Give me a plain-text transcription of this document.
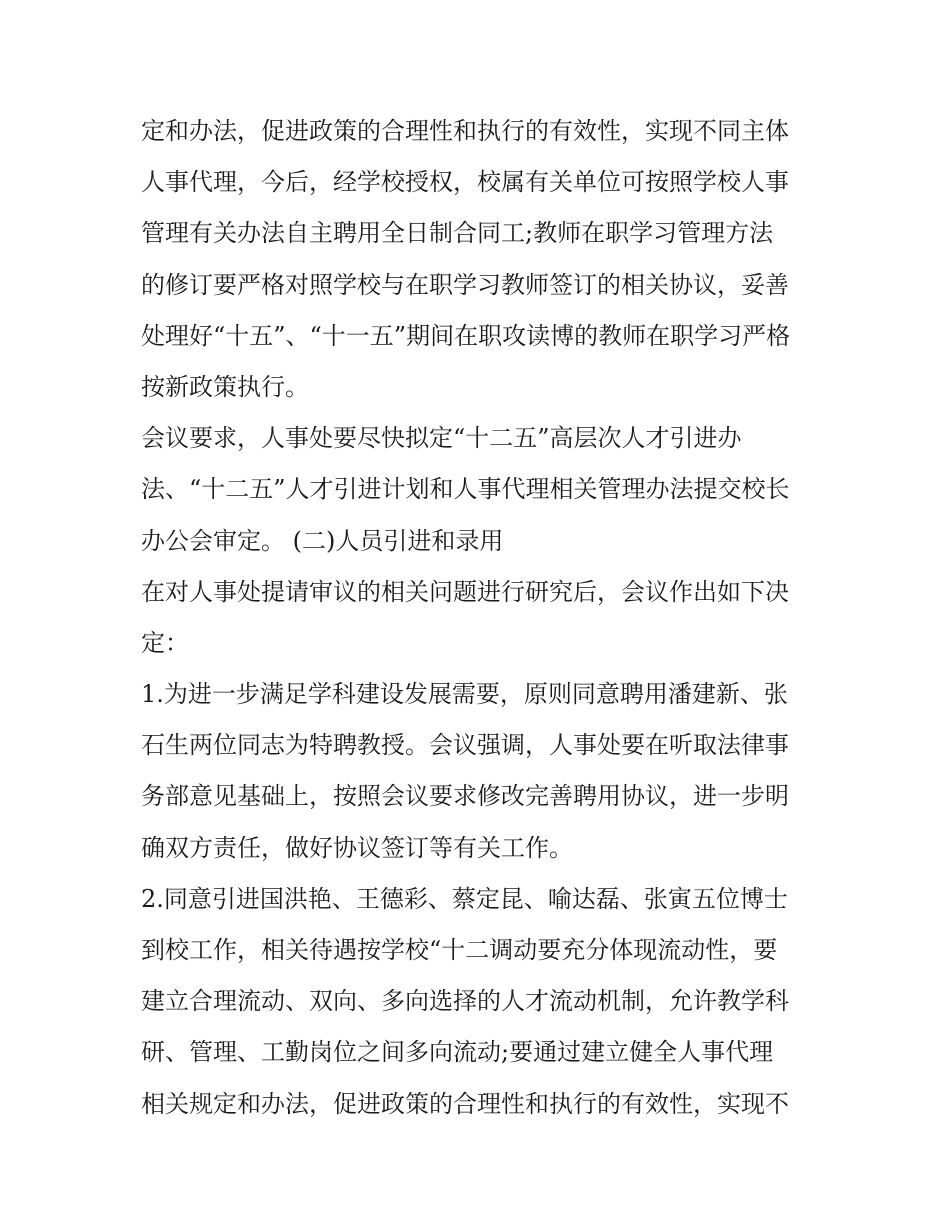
定和办法，促进政策的合理性和执行的有效性，实现不同主体
人事代理，今后，经学校授权，校属有关单位可按照学校人事
管理有关办法自主聘用全日制合同工;教师在职学习管理方法
的修订要严格对照学校与在职学习教师签订的相关协议，妥善
处理好“十五”、“十一五”期间在职攻读博的教师在职学习严格
按新政策执行。
会议要求，人事处要尽快拟定“十二五”高层次人才引进办
法、“十二五”人才引进计划和人事代理相关管理办法提交校长
办公会审定。 (二)人员引进和录用
在对人事处提请审议的相关问题进行研究后，会议作出如下决
定：
1.为进一步满足学科建设发展需要，原则同意聘用潘建新、张
石生两位同志为特聘教授。会议强调，人事处要在听取法律事
务部意见基础上，按照会议要求修改完善聘用协议，进一步明
确双方责任，做好协议签订等有关工作。
2.同意引进国洪艳、王德彩、蔡定昆、喻达磊、张寅五位博士
到校工作，相关待遇按学校“十二调动要充分体现流动性，要
建立合理流动、双向、多向选择的人才流动机制，允许教学科
研、管理、工勤岗位之间多向流动;要通过建立健全人事代理
相关规定和办法，促进政策的合理性和执行的有效性，实现不
